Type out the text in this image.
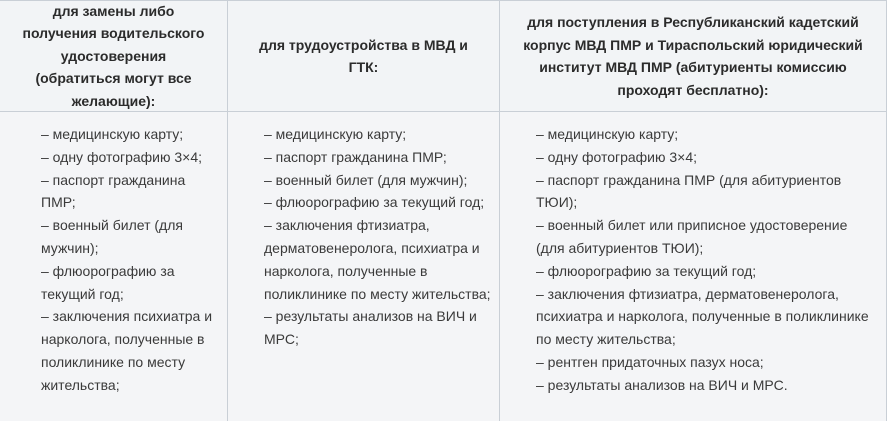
для замены либо получения водительского удостоверения (обратиться могут все желающие):
для трудоустройства в МВД и ГТК:
для поступления в Республиканский кадетский корпус МВД ПМР и Тираспольский юридический институт МВД ПМР (абитуриенты комиссию проходят бесплатно):
– медицинскую карту;
– одну фотографию 3×4;
– паспорт гражданина ПМР;
– военный билет (для мужчин);
– флюорографию за текущий год;
– заключения психиатра и нарколога, полученные в поликлинике по месту жительства;
– медицинскую карту;
– паспорт гражданина ПМР;
– военный билет (для мужчин);
– флюорографию за текущий год;
– заключения фтизиатра, дерматовенеролога, психиатра и нарколога, полученные в поликлинике по месту жительства;
– результаты анализов на ВИЧ и МРС;
– медицинскую карту;
– одну фотографию 3×4;
– паспорт гражданина ПМР (для абитуриентов ТЮИ);
– военный билет или приписное удостоверение (для абитуриентов ТЮИ);
– флюорографию за текущий год;
– заключения фтизиатра, дерматовенеролога, психиатра и нарколога, полученные в поликлинике по месту жительства;
– рентген придаточных пазух носа;
– результаты анализов на ВИЧ и МРС.
